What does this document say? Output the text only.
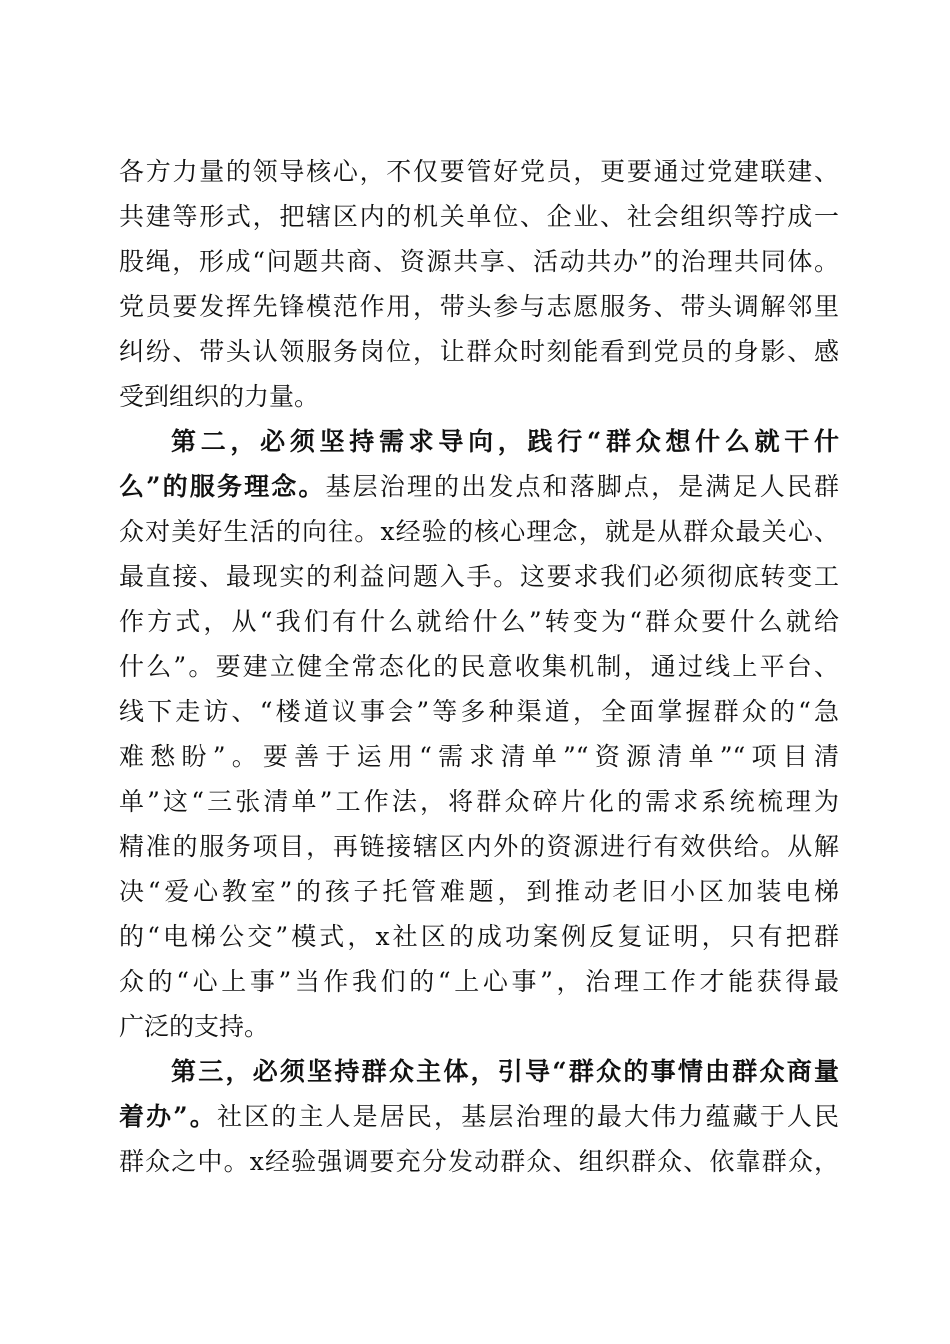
各方力量的领导核心，不仅要管好党员，更要通过党建联建、
共建等形式，把辖区内的机关单位、企业、社会组织等拧成一
股绳，形成“问题共商、资源共享、活动共办”的治理共同体。
党员要发挥先锋模范作用，带头参与志愿服务、带头调解邻里
纠纷、带头认领服务岗位，让群众时刻能看到党员的身影、感
受到组织的力量。
第二，必须坚持需求导向，践行“群众想什么就干什
么”的服务理念。基层治理的出发点和落脚点，是满足人民群
众对美好生活的向往。x经验的核心理念，就是从群众最关心、
最直接、最现实的利益问题入手。这要求我们必须彻底转变工
作方式，从“我们有什么就给什么”转变为“群众要什么就给
什么”。要建立健全常态化的民意收集机制，通过线上平台、
线下走访、“楼道议事会”等多种渠道，全面掌握群众的“急
难愁盼”。要善于运用“需求清单”“资源清单”“项目清
单”这“三张清单”工作法，将群众碎片化的需求系统梳理为
精准的服务项目，再链接辖区内外的资源进行有效供给。从解
决“爱心教室”的孩子托管难题，到推动老旧小区加装电梯
的“电梯公交”模式，x社区的成功案例反复证明，只有把群
众的“心上事”当作我们的“上心事”，治理工作才能获得最
广泛的支持。
第三，必须坚持群众主体，引导“群众的事情由群众商量
着办”。社区的主人是居民，基层治理的最大伟力蕴藏于人民
群众之中。x经验强调要充分发动群众、组织群众、依靠群众，
